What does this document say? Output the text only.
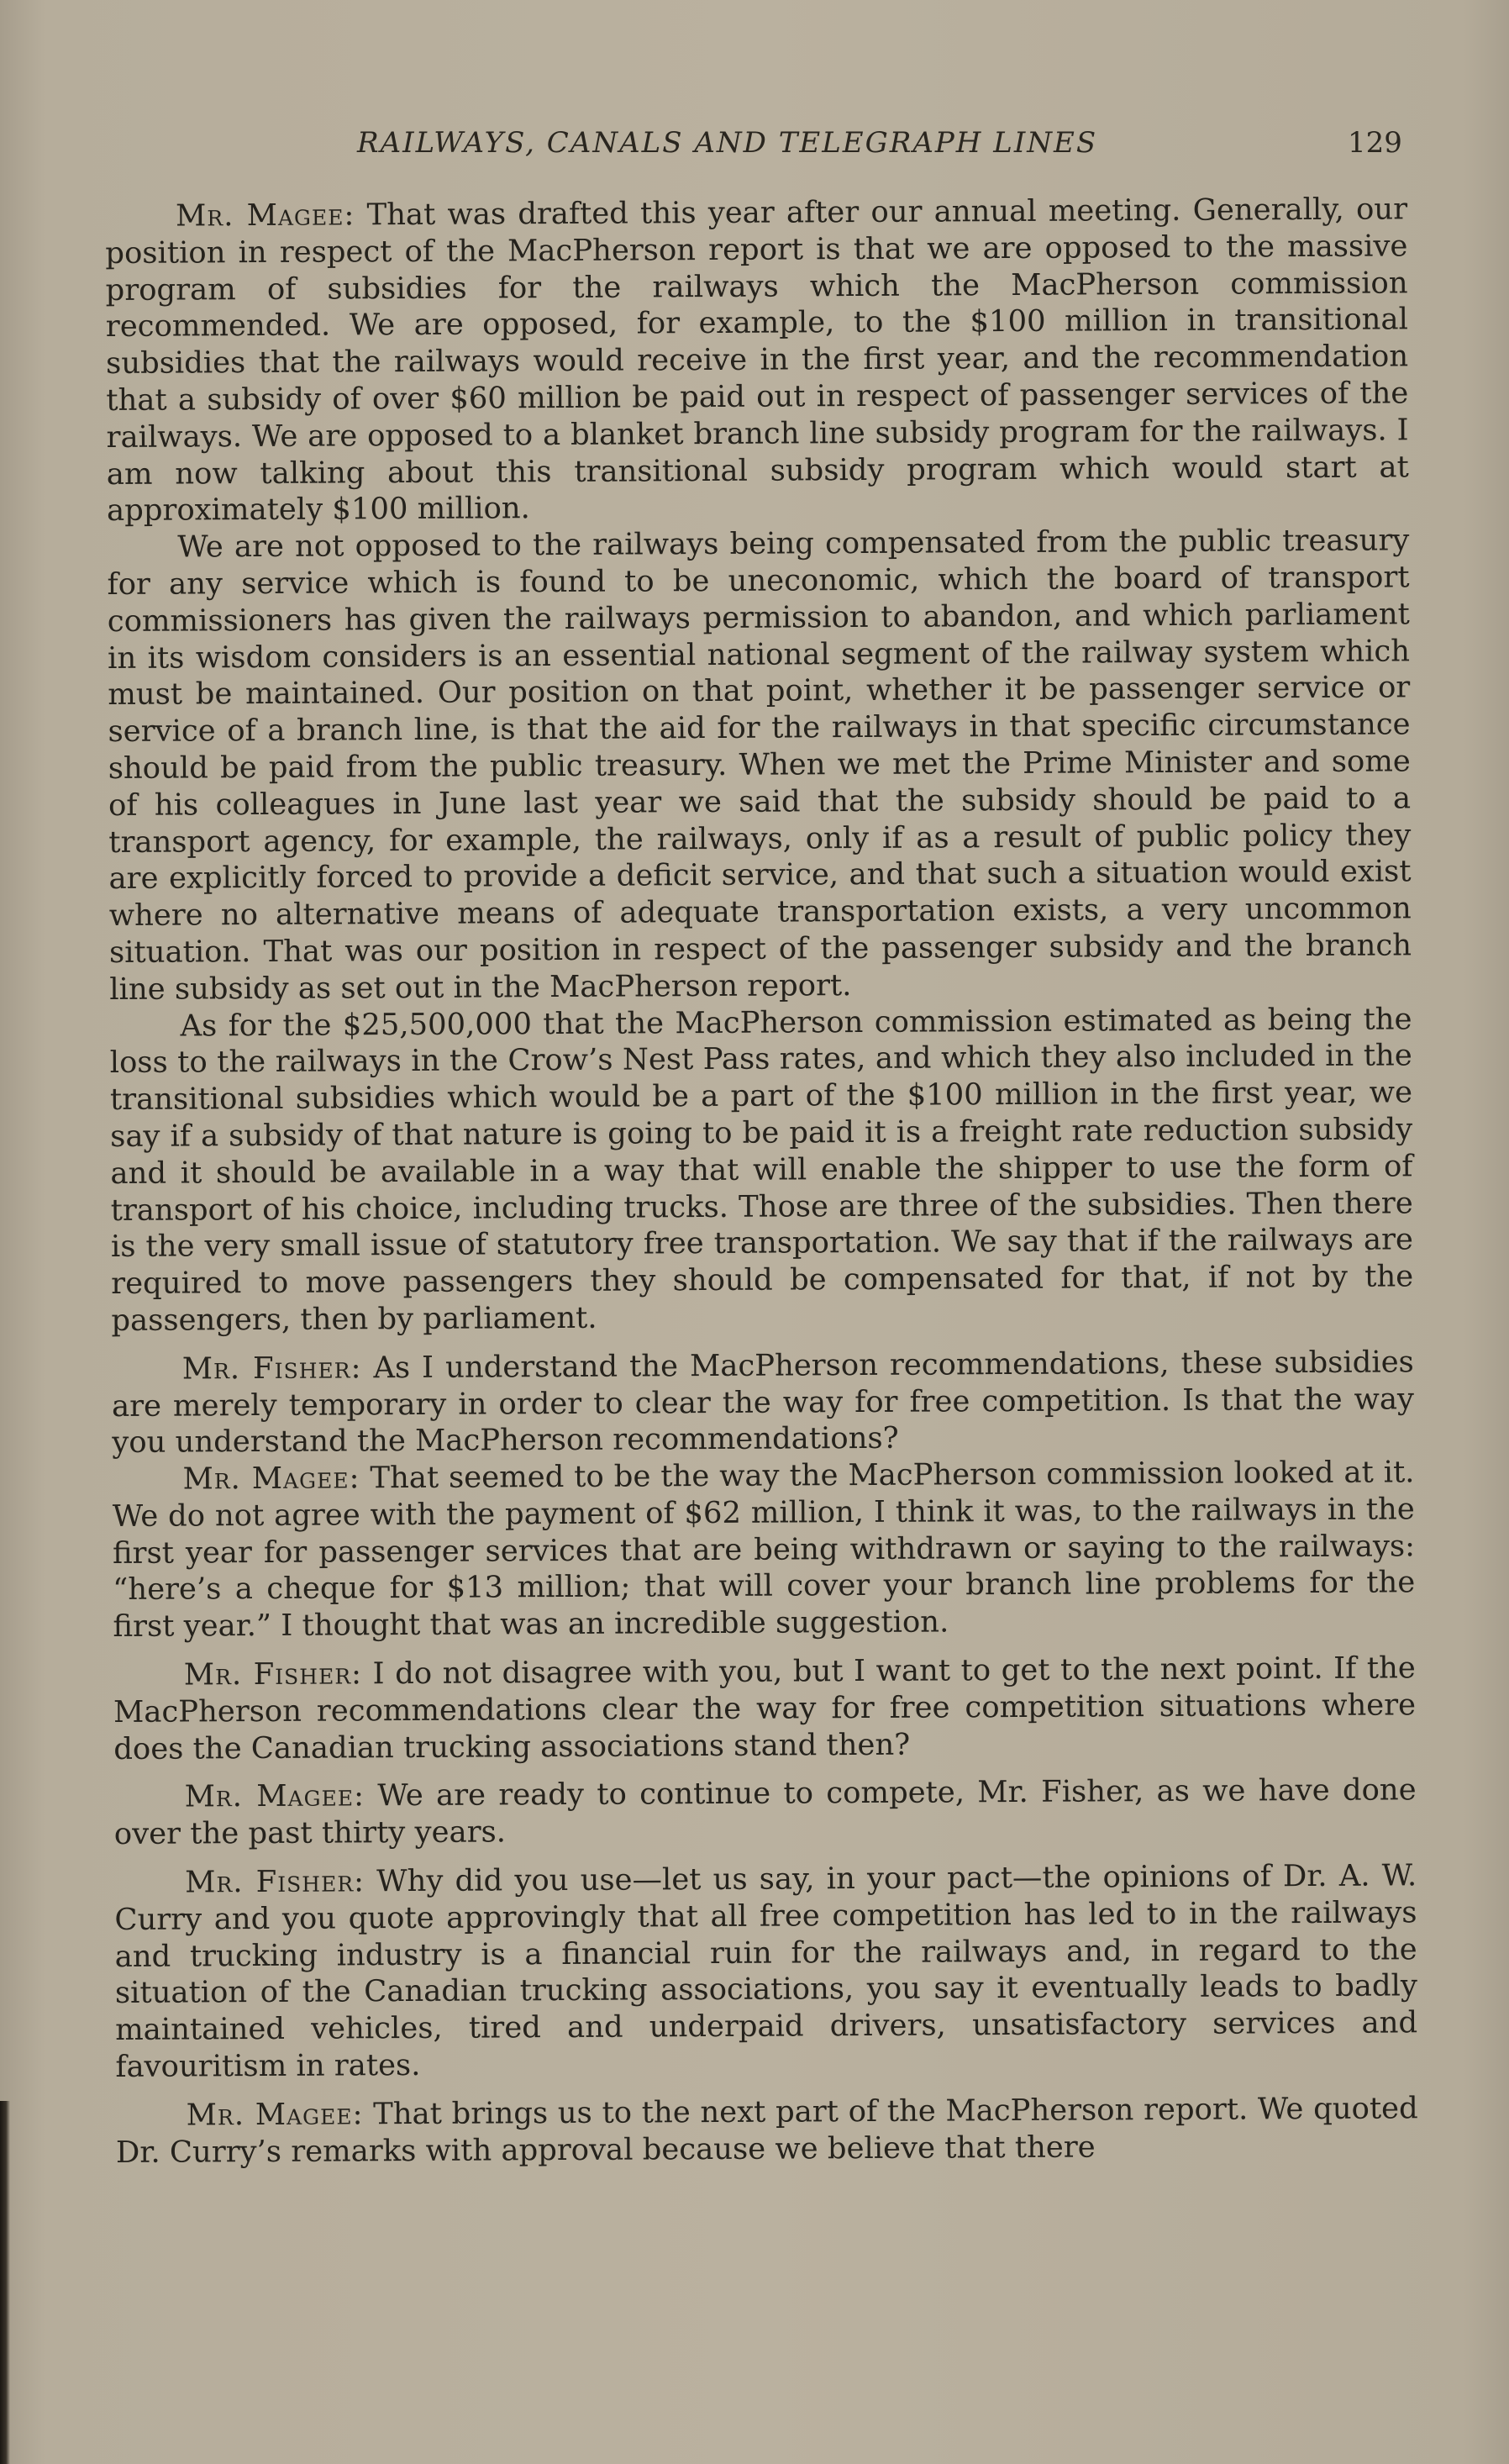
RAILWAYS, CANALS AND TELEGRAPH LINES	129

Mr. Magee: That was drafted this year after our annual meeting. Generally, our position in respect of the MacPherson report is that we are opposed to the massive program of subsidies for the railways which the MacPherson commission recommended. We are opposed, for example, to the $100 million in transitional subsidies that the railways would receive in the first year, and the recommendation that a subsidy of over $60 million be paid out in respect of passenger services of the railways. We are opposed to a blanket branch line subsidy program for the railways. I am now talking about this transitional subsidy program which would start at approximately $100 million.

We are not opposed to the railways being compensated from the public treasury for any service which is found to be uneconomic, which the board of transport commissioners has given the railways permission to abandon, and which parliament in its wisdom considers is an essential national segment of the railway system which must be maintained. Our position on that point, whether it be passenger service or service of a branch line, is that the aid for the railways in that specific circumstance should be paid from the public treasury. When we met the Prime Minister and some of his colleagues in June last year we said that the subsidy should be paid to a transport agency, for example, the railways, only if as a result of public policy they are explicitly forced to provide a deficit service, and that such a situation would exist where no alternative means of adequate transportation exists, a very uncommon situation. That was our position in respect of the passenger subsidy and the branch line subsidy as set out in the MacPherson report.

As for the $25,500,000 that the MacPherson commission estimated as being the loss to the railways in the Crow’s Nest Pass rates, and which they also included in the transitional subsidies which would be a part of the $100 million in the first year, we say if a subsidy of that nature is going to be paid it is a freight rate reduction subsidy and it should be available in a way that will enable the shipper to use the form of transport of his choice, including trucks. Those are three of the subsidies. Then there is the very small issue of statutory free transportation. We say that if the railways are required to move passengers they should be compensated for that, if not by the passengers, then by parliament.

Mr. Fisher: As I understand the MacPherson recommendations, these subsidies are merely temporary in order to clear the way for free competition. Is that the way you understand the MacPherson recommendations?

Mr. Magee: That seemed to be the way the MacPherson commission looked at it. We do not agree with the payment of $62 million, I think it was, to the railways in the first year for passenger services that are being withdrawn or saying to the railways: “here’s a cheque for $13 million; that will cover your branch line problems for the first year.” I thought that was an incredible suggestion.

Mr. Fisher: I do not disagree with you, but I want to get to the next point. If the MacPherson recommendations clear the way for free competition situations where does the Canadian trucking associations stand then?

Mr. Magee: We are ready to continue to compete, Mr. Fisher, as we have done over the past thirty years.

Mr. Fisher: Why did you use—let us say, in your pact—the opinions of Dr. A. W. Curry and you quote approvingly that all free competition has led to in the railways and trucking industry is a financial ruin for the railways and, in regard to the situation of the Canadian trucking associations, you say it eventually leads to badly maintained vehicles, tired and underpaid drivers, unsatisfactory services and favouritism in rates.

Mr. Magee: That brings us to the next part of the MacPherson report. We quoted Dr. Curry’s remarks with approval because we believe that there
